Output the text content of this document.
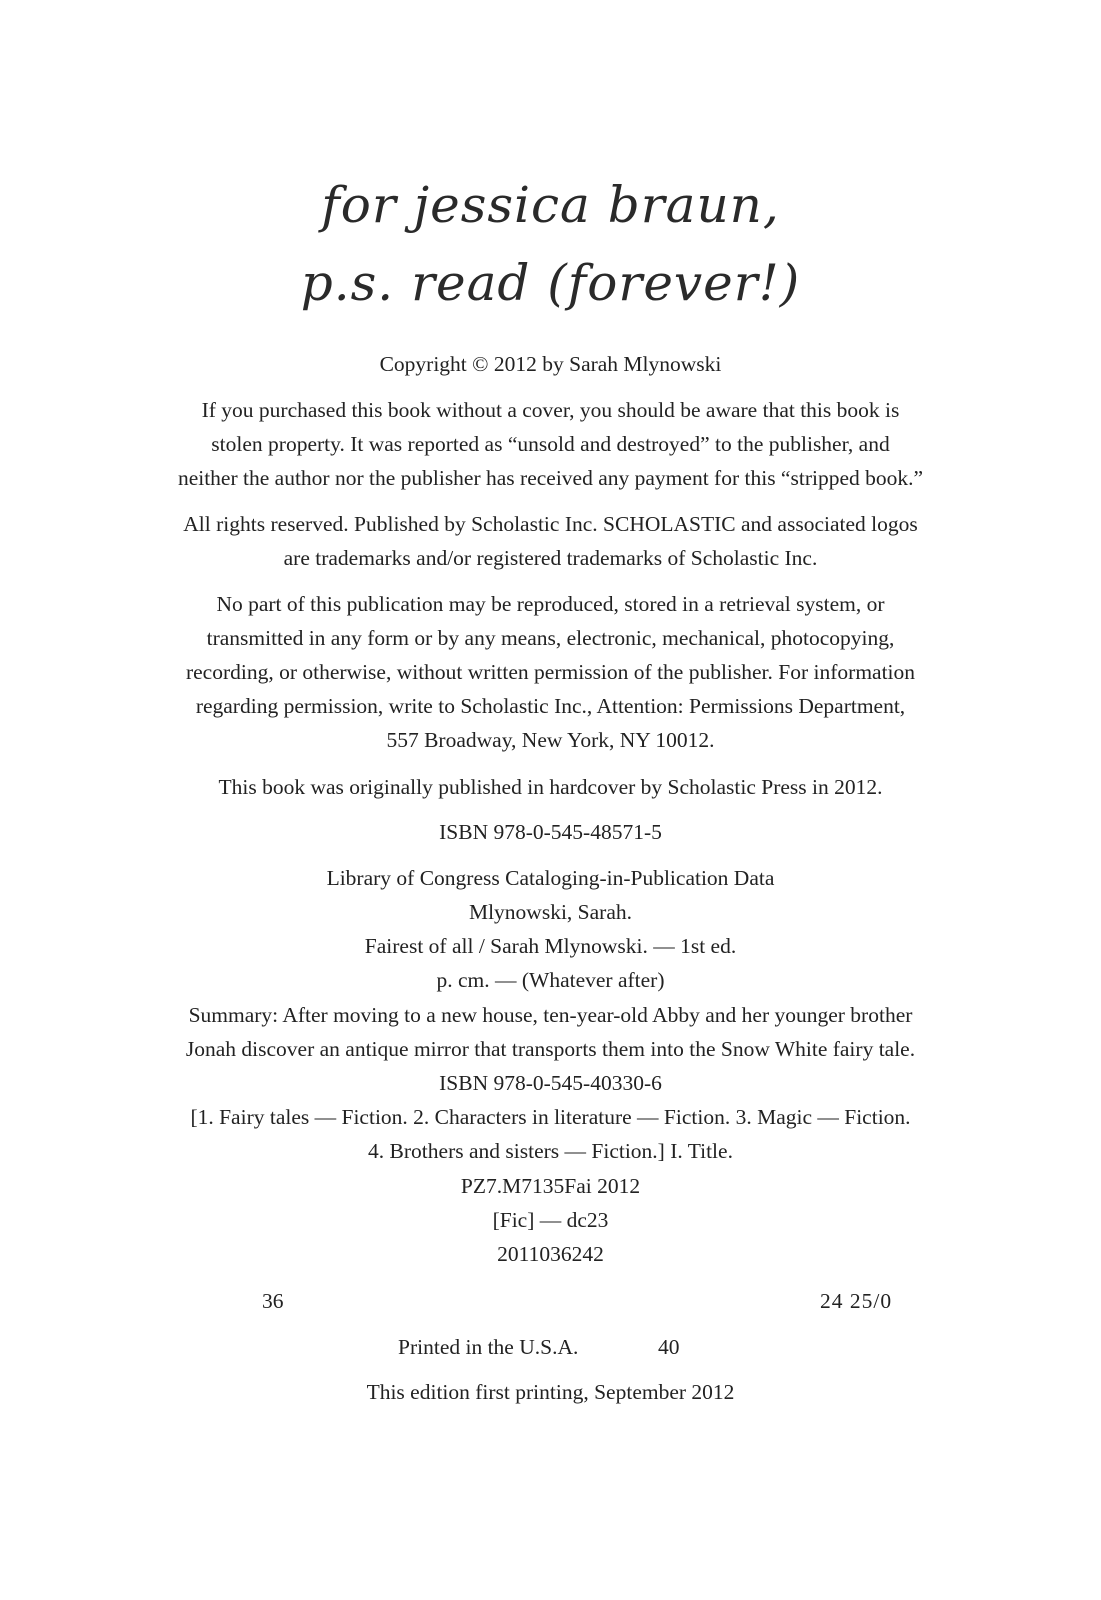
for jessica braun,
p.s. read (forever!)
Copyright © 2012 by Sarah Mlynowski
If you purchased this book without a cover, you should be aware that this book is
stolen property. It was reported as “unsold and destroyed” to the publisher, and
neither the author nor the publisher has received any payment for this “stripped book.”
All rights reserved. Published by Scholastic Inc. SCHOLASTIC and associated logos
are trademarks and/or registered trademarks of Scholastic Inc.
No part of this publication may be reproduced, stored in a retrieval system, or
transmitted in any form or by any means, electronic, mechanical, photocopying,
recording, or otherwise, without written permission of the publisher. For information
regarding permission, write to Scholastic Inc., Attention: Permissions Department,
557 Broadway, New York, NY 10012.
This book was originally published in hardcover by Scholastic Press in 2012.
ISBN 978-0-545-48571-5
Library of Congress Cataloging-in-Publication Data
Mlynowski, Sarah.
Fairest of all / Sarah Mlynowski. — 1st ed.
p. cm. — (Whatever after)
Summary: After moving to a new house, ten-year-old Abby and her younger brother
Jonah discover an antique mirror that transports them into the Snow White fairy tale.
ISBN 978-0-545-40330-6
[1. Fairy tales — Fiction. 2. Characters in literature — Fiction. 3. Magic — Fiction.
4. Brothers and sisters — Fiction.] I. Title.
PZ7.M7135Fai 2012
[Fic] — dc23
2011036242
36	24 25/0
Printed in the U.S.A.	40
This edition first printing, September 2012
